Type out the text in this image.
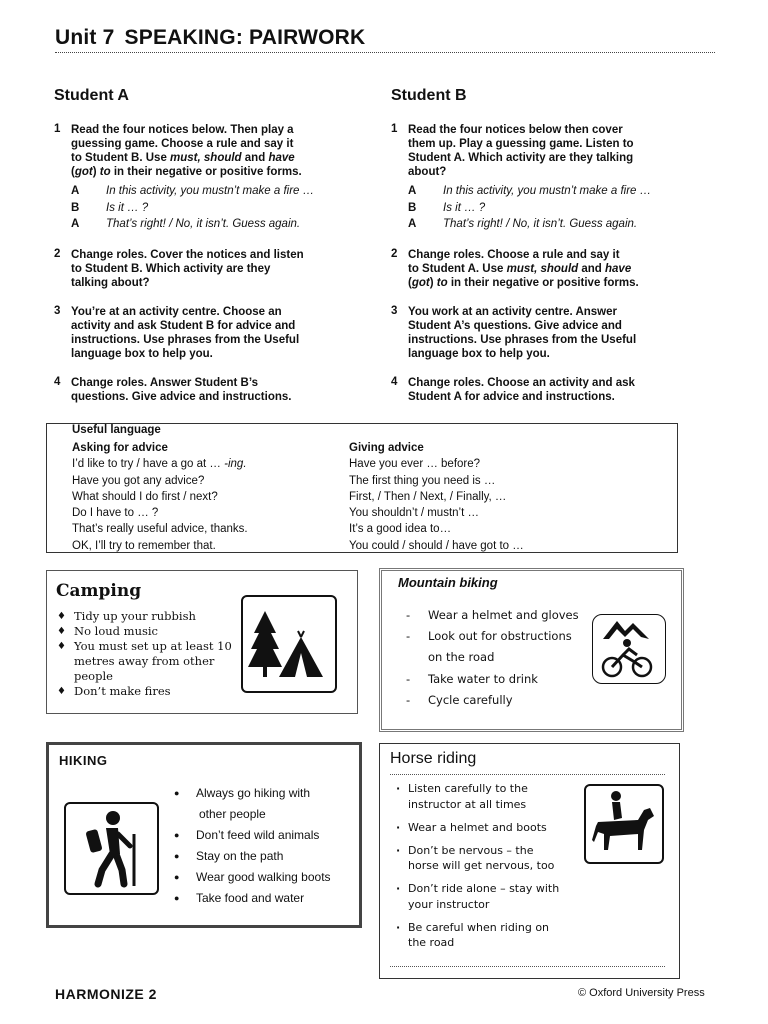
Unit 7 SPEAKING: PAIRWORK
Student A	Student B
1 Read the four notices below. Then play a
guessing game. Choose a rule and say it
to Student B. Use must, should and have
(got) to in their negative or positive forms.
A In this activity, you mustn’t make a fire …
B Is it … ?
A That’s right! / No, it isn’t. Guess again.
2 Change roles. Cover the notices and listen
to Student B. Which activity are they
talking about?
3 You’re at an activity centre. Choose an
activity and ask Student B for advice and
instructions. Use phrases from the Useful
language box to help you.
4 Change roles. Answer Student B’s
questions. Give advice and instructions.
1 Read the four notices below then cover
them up. Play a guessing game. Listen to
Student A. Which activity are they talking
about?
A In this activity, you mustn’t make a fire …
B Is it … ?
A That’s right! / No, it isn’t. Guess again.
2 Change roles. Choose a rule and say it
to Student A. Use must, should and have
(got) to in their negative or positive forms.
3 You work at an activity centre. Answer
Student A’s questions. Give advice and
instructions. Use phrases from the Useful
language box to help you.
4 Change roles. Choose an activity and ask
Student A for advice and instructions.
Useful language
Asking for advice
I’d like to try / have a go at … -ing.
Have you got any advice?
What should I do first / next?
Do I have to … ?
That’s really useful advice, thanks.
OK, I’ll try to remember that.
Giving advice
Have you ever … before?
The first thing you need is …
First, / Then / Next, / Finally, …
You shouldn’t / mustn’t …
It’s a good idea to…
You could / should / have got to …
Camping
♦ Tidy up your rubbish
♦ No loud music
♦ You must set up at least 10 metres away from other people
♦ Don’t make fires
Mountain biking
- Wear a helmet and gloves
- Look out for obstructions
on the road
- Take water to drink
- Cycle carefully
HIKING
● Always go hiking with
other people
● Don’t feed wild animals
● Stay on the path
● Wear good walking boots
● Take food and water
Horse riding
· Listen carefully to the instructor at all times
· Wear a helmet and boots
· Don’t be nervous – the horse will get nervous, too
· Don’t ride alone – stay with your instructor
· Be careful when riding on the road
HARMONIZE 2	© Oxford University Press
